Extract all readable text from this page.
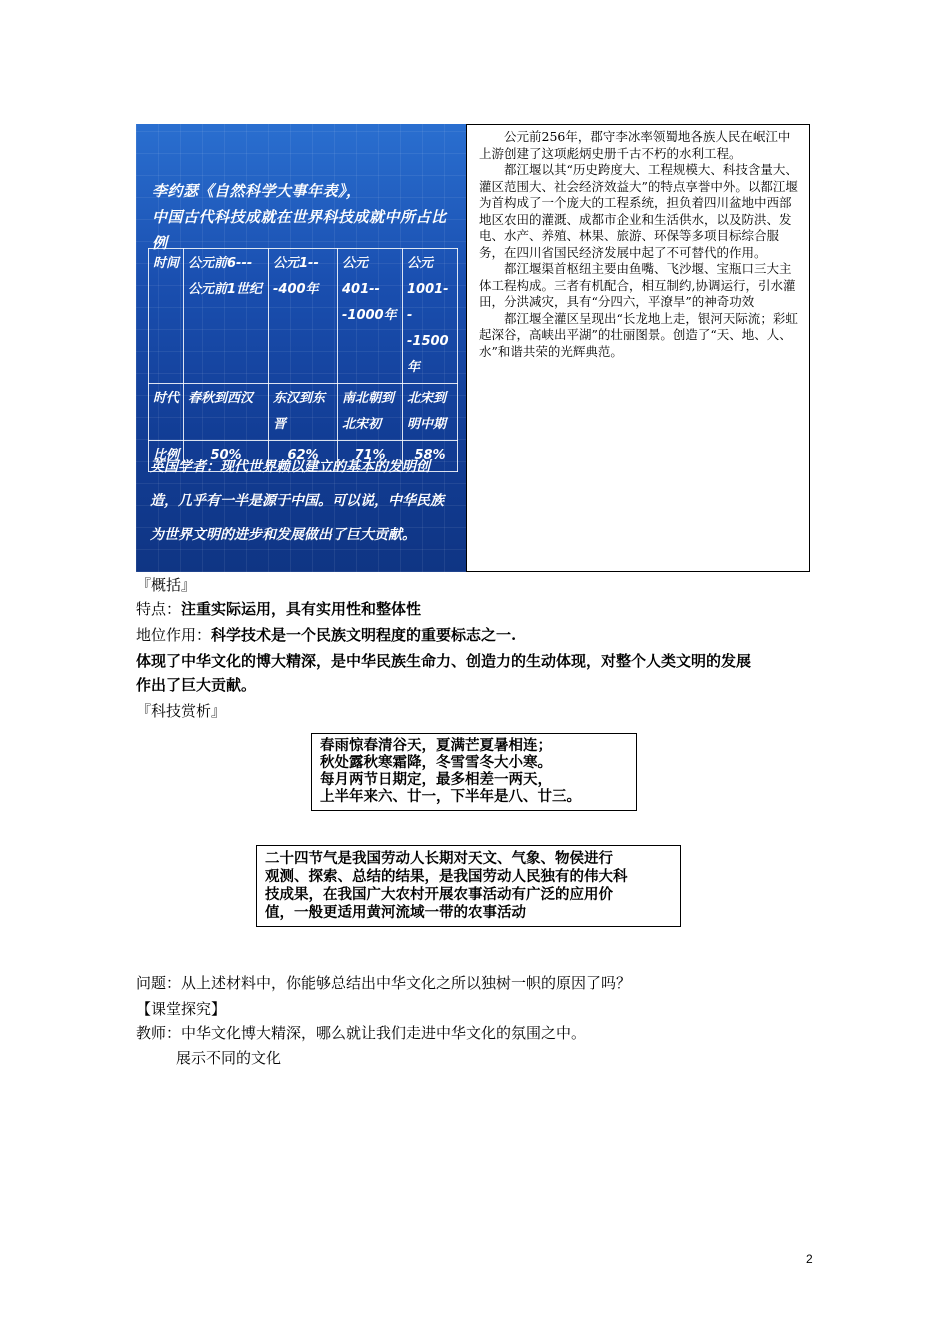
李约瑟《自然科学大事年表》，
中国古代科技成就在世界科技成就中所占比例
时间	公元前6---公元前1世纪	公元1---400年	公元401---1000年	公元1001---1500年
时代	春秋到西汉	东汉到东晋	南北朝到北宋初	北宋到明中期
比例	50%	62%	71%	58%
英国学者：现代世界赖以建立的基本的发明创造，几乎有一半是源于中国。可以说，中华民族为世界文明的进步和发展做出了巨大贡献。

公元前256年，郡守李冰率领蜀地各族人民在岷江中上游创建了这项彪炳史册千古不朽的水利工程。

都江堰以其“历史跨度大、工程规模大、科技含量大、灌区范围大、社会经济效益大”的特点享誉中外。以都江堰为首构成了一个庞大的工程系统，担负着四川盆地中西部地区农田的灌溉、成都市企业和生活供水，以及防洪、发电、水产、养殖、林果、旅游、环保等多项目标综合服务，在四川省国民经济发展中起了不可替代的作用。

都江堰渠首枢纽主要由鱼嘴、飞沙堰、宝瓶口三大主体工程构成。三者有机配合，相互制约,协调运行，引水灌田，分洪减灾，具有“分四六，平潦旱”的神奇功效

都江堰全灌区呈现出“长龙地上走，银河天际流；彩虹起深谷，高峡出平湖”的壮丽图景。创造了“天、地、人、水”和谐共荣的光辉典范。

『概括』
特点：注重实际运用，具有实用性和整体性
地位作用：科学技术是一个民族文明程度的重要标志之一.
体现了中华文化的博大精深，是中华民族生命力、创造力的生动体现，对整个人类文明的发展
作出了巨大贡献。
『科技赏析』
春雨惊春清谷天，夏满芒夏暑相连；
秋处露秋寒霜降，冬雪雪冬大小寒。
每月两节日期定，最多相差一两天，
上半年来六、廿一，下半年是八、廿三。
二十四节气是我国劳动人长期对天文、气象、物侯进行
观测、探索、总结的结果，是我国劳动人民独有的伟大科
技成果，在我国广大农村开展农事活动有广泛的应用价
值，一般更适用黄河流域一带的农事活动
问题：从上述材料中，你能够总结出中华文化之所以独树一帜的原因了吗？
【课堂探究】
教师：中华文化博大精深，哪么就让我们走进中华文化的氛围之中。
展示不同的文化
2
